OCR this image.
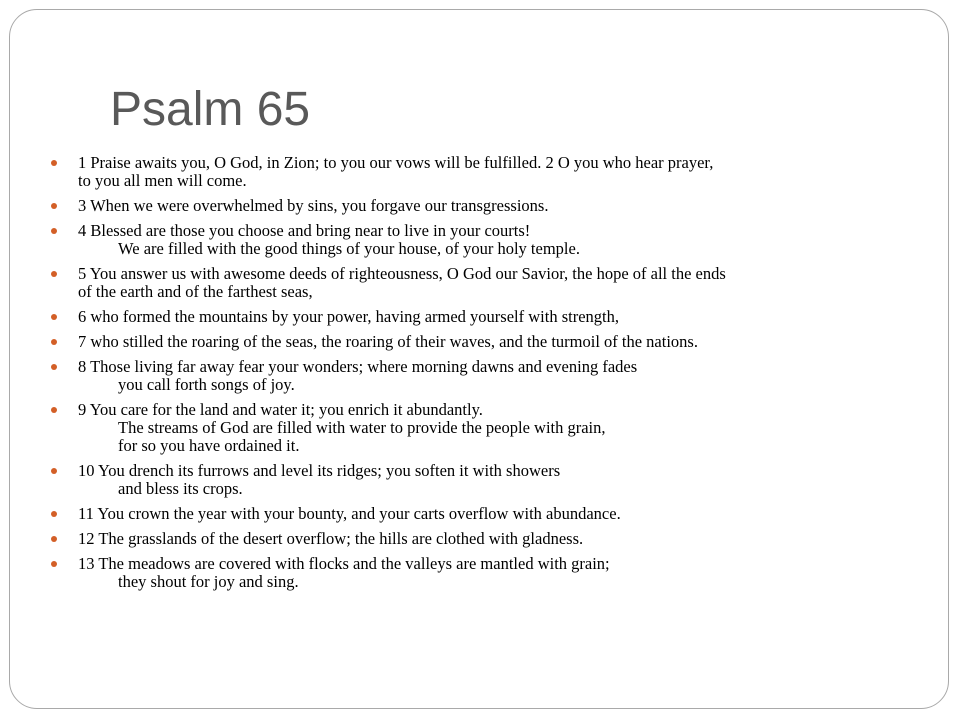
Psalm 65
1 Praise awaits you, O God, in Zion; to you our vows will be fulfilled. 2 O you who hear prayer,
to you all men will come.
3 When we were overwhelmed by sins, you forgave our transgressions.
4 Blessed are those you choose and bring near to live in your courts!
We are filled with the good things of your house, of your holy temple.
5 You answer us with awesome deeds of righteousness, O God our Savior, the hope of all the ends
of the earth and of the farthest seas,
6 who formed the mountains by your power, having armed yourself with strength,
7 who stilled the roaring of the seas, the roaring of their waves, and the turmoil of the nations.
8 Those living far away fear your wonders; where morning dawns and evening fades
you call forth songs of joy.
9 You care for the land and water it; you enrich it abundantly.
The streams of God are filled with water to provide the people with grain,
for so you have ordained it.
10 You drench its furrows and level its ridges; you soften it with showers
and bless its crops.
11 You crown the year with your bounty, and your carts overflow with abundance.
12 The grasslands of the desert overflow; the hills are clothed with gladness.
13 The meadows are covered with flocks and the valleys are mantled with grain;
they shout for joy and sing.
